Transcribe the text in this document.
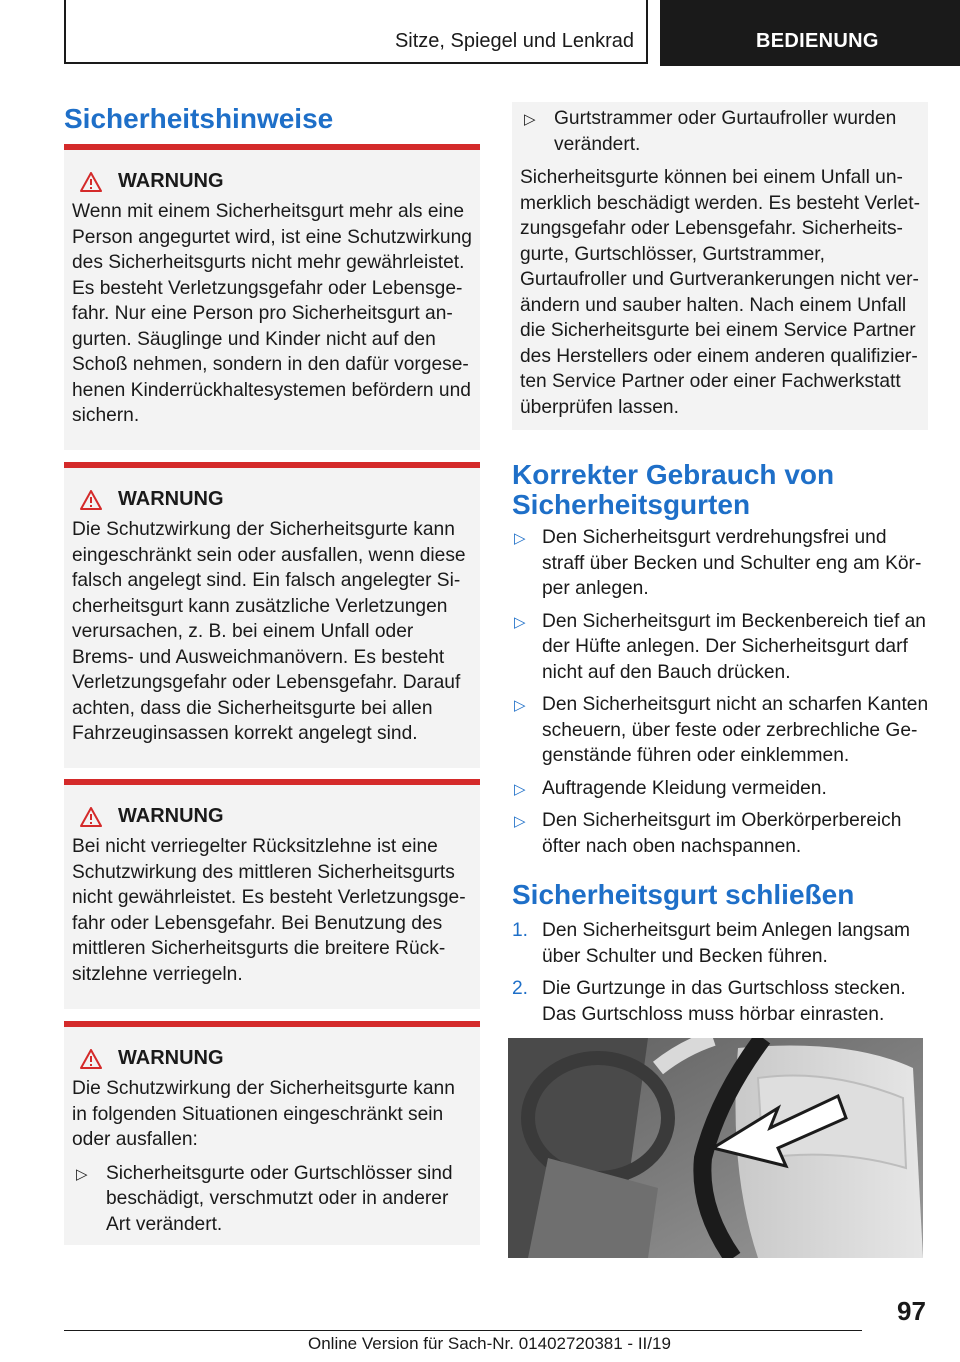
Sitze, Spiegel und Lenkrad	BEDIENUNG
Sicherheitshinweise
WARNUNG

Wenn mit einem Sicherheitsgurt mehr als eine Person angegurtet wird, ist eine Schutzwirkung des Sicherheitsgurts nicht mehr gewährleistet. Es besteht Verletzungsgefahr oder Lebensgefahr. Nur eine Person pro Sicherheitsgurt angurten. Säuglinge und Kinder nicht auf den Schoß nehmen, sondern in den dafür vorgesehenen Kinderrückhaltesystemen befördern und sichern.

WARNUNG

Die Schutzwirkung der Sicherheitsgurte kann eingeschränkt sein oder ausfallen, wenn diese falsch angelegt sind. Ein falsch angelegter Sicherheitsgurt kann zusätzliche Verletzungen verursachen, z. B. bei einem Unfall oder Brems- und Ausweichmanövern. Es besteht Verletzungsgefahr oder Lebensgefahr. Darauf achten, dass die Sicherheitsgurte bei allen Fahrzeuginsassen korrekt angelegt sind.

WARNUNG

Bei nicht verriegelter Rücksitzlehne ist eine Schutzwirkung des mittleren Sicherheitsgurts nicht gewährleistet. Es besteht Verletzungsgefahr oder Lebensgefahr. Bei Benutzung des mittleren Sicherheitsgurts die breitere Rücksitzlehne verriegeln.

WARNUNG

Die Schutzwirkung der Sicherheitsgurte kann in folgenden Situationen eingeschränkt sein oder ausfallen:

▷ Sicherheitsgurte oder Gurtschlösser sind beschädigt, verschmutzt oder in anderer Art verändert.
▷ Gurtstrammer oder Gurtaufroller wurden verändert.

Sicherheitsgurte können bei einem Unfall unmerklich beschädigt werden. Es besteht Verletzungsgefahr oder Lebensgefahr. Sicherheitsgurte, Gurtschlösser, Gurtstrammer, Gurtaufroller und Gurtverankerungen nicht verändern und sauber halten. Nach einem Unfall die Sicherheitsgurte bei einem Service Partner des Herstellers oder einem anderen qualifizierten Service Partner oder einer Fachwerkstatt überprüfen lassen.

Korrekter Gebrauch von Sicherheitsgurten
▷ Den Sicherheitsgurt verdrehungsfrei und straff über Becken und Schulter eng am Körper anlegen.
▷ Den Sicherheitsgurt im Beckenbereich tief an der Hüfte anlegen. Der Sicherheitsgurt darf nicht auf den Bauch drücken.
▷ Den Sicherheitsgurt nicht an scharfen Kanten scheuern, über feste oder zerbrechliche Gegenstände führen oder einklemmen.
▷ Auftragende Kleidung vermeiden.
▷ Den Sicherheitsgurt im Oberkörperbereich öfter nach oben nachspannen.
Sicherheitsgurt schließen
1. Den Sicherheitsgurt beim Anlegen langsam über Schulter und Becken führen.
2. Die Gurtzunge in das Gurtschloss stecken. Das Gurtschloss muss hörbar einrasten.
97
Online Version für Sach-Nr. 01402720381 - II/19
